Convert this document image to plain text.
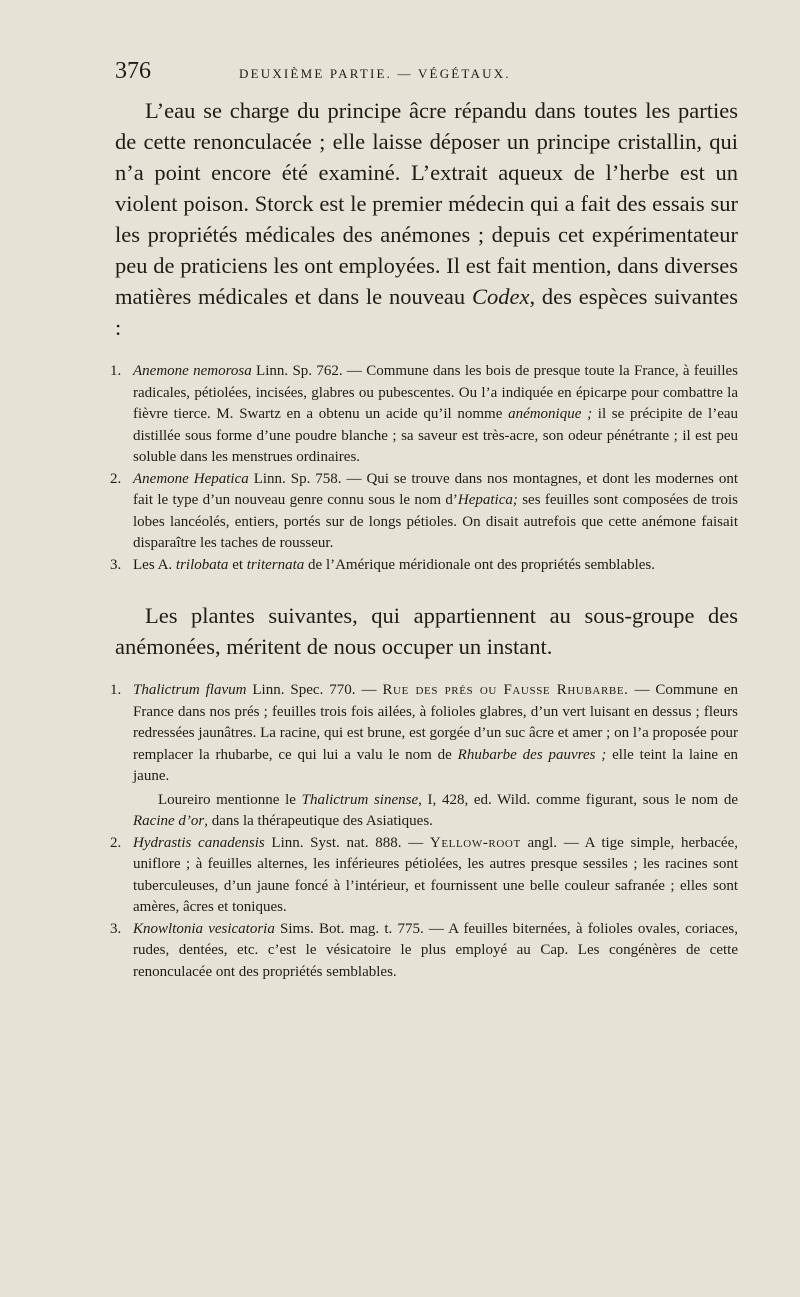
376	DEUXIÈME PARTIE. — VÉGÉTAUX.

L’eau se charge du principe âcre répandu dans toutes les parties de cette renonculacée ; elle laisse déposer un principe cristallin, qui n’a point encore été examiné. L’extrait aqueux de l’herbe est un violent poison. Storck est le premier médecin qui a fait des essais sur les propriétés médicales des anémones ; depuis cet expérimentateur peu de praticiens les ont employées. Il est fait mention, dans diverses matières médicales et dans le nouveau Codex, des espèces suivantes :

1. Anemone nemorosa Linn. Sp. 762. — Commune dans les bois de presque toute la France, à feuilles radicales, pétiolées, incisées, glabres ou pubescentes. Ou l’a indiquée en épicarpe pour combattre la fièvre tierce. M. Swartz en a obtenu un acide qu’il nomme anémonique ; il se précipite de l’eau distillée sous forme d’une poudre blanche ; sa saveur est très-acre, son odeur pénétrante ; il est peu soluble dans les menstrues ordinaires.
2. Anemone Hepatica Linn. Sp. 758. — Qui se trouve dans nos montagnes, et dont les modernes ont fait le type d’un nouveau genre connu sous le nom d’Hepatica; ses feuilles sont composées de trois lobes lancéolés, entiers, portés sur de longs pétioles. On disait autrefois que cette anémone faisait disparaître les taches de rousseur.
3. Les A. trilobata et triternata de l’Amérique méridionale ont des propriétés semblables.

Les plantes suivantes, qui appartiennent au sous-groupe des anémonées, méritent de nous occuper un instant.

1. Thalictrum flavum Linn. Spec. 770. — Rue des prés ou Fausse Rhubarbe. — Commune en France dans nos prés ; feuilles trois fois ailées, à folioles glabres, d’un vert luisant en dessus ; fleurs redressées jaunâtres. La racine, qui est brune, est gorgée d’un suc âcre et amer ; on l’a proposée pour remplacer la rhubarbe, ce qui lui a valu le nom de Rhubarbe des pauvres ; elle teint la laine en jaune.
Loureiro mentionne le Thalictrum sinense, I, 428, ed. Wild. comme figurant, sous le nom de Racine d’or, dans la thérapeutique des Asiatiques.
2. Hydrastis canadensis Linn. Syst. nat. 888. — Yellow-root angl. — A tige simple, herbacée, uniflore ; à feuilles alternes, les inférieures pétiolées, les autres presque sessiles ; les racines sont tuberculeuses, d’un jaune foncé à l’intérieur, et fournissent une belle couleur safranée ; elles sont amères, âcres et toniques.
3. Knowltonia vesicatoria Sims. Bot. mag. t. 775. — A feuilles biternées, à folioles ovales, coriaces, rudes, dentées, etc. c’est le vésicatoire le plus employé au Cap. Les congénères de cette renonculacée ont des propriétés semblables.
